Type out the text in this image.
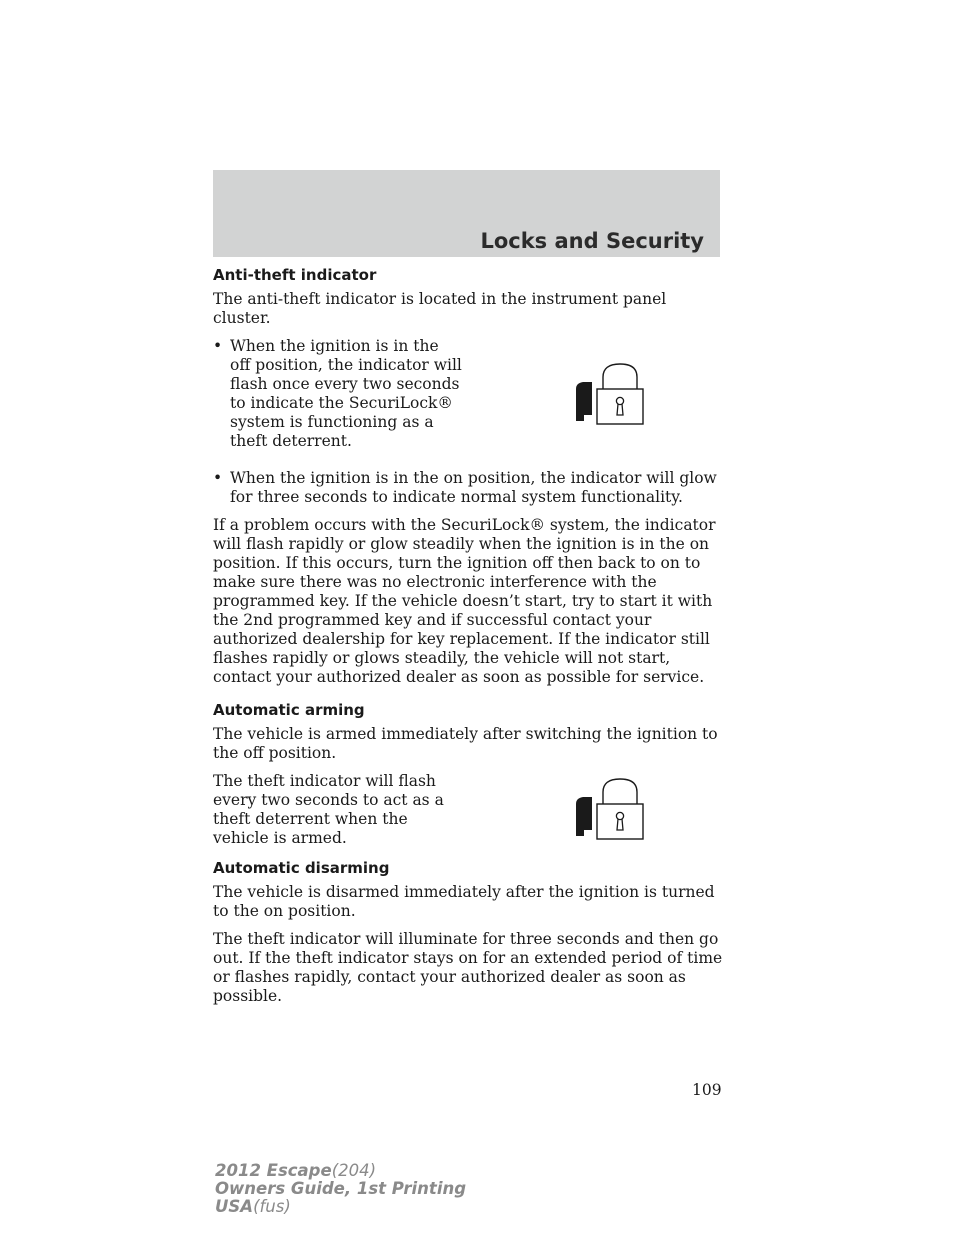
Locks and Security
Anti-theft indicator

The anti-theft indicator is located in the instrument panel cluster.

• When the ignition is in the off position, the indicator will flash once every two seconds to indicate the SecuriLock® system is functioning as a theft deterrent.
• When the ignition is in the on position, the indicator will glow for three seconds to indicate normal system functionality.

If a problem occurs with the SecuriLock® system, the indicator will flash rapidly or glow steadily when the ignition is in the on position. If this occurs, turn the ignition off then back to on to make sure there was no electronic interference with the programmed key. If the vehicle doesn’t start, try to start it with the 2nd programmed key and if successful contact your authorized dealership for key replacement. If the indicator still flashes rapidly or glows steadily, the vehicle will not start, contact your authorized dealer as soon as possible for service.

Automatic arming

The vehicle is armed immediately after switching the ignition to the off position.

The theft indicator will flash every two seconds to act as a theft deterrent when the vehicle is armed.

Automatic disarming

The vehicle is disarmed immediately after the ignition is turned to the on position.

The theft indicator will illuminate for three seconds and then go out. If the theft indicator stays on for an extended period of time or flashes rapidly, contact your authorized dealer as soon as possible.

109
2012 Escape(204)
Owners Guide, 1st Printing
USA(fus)
